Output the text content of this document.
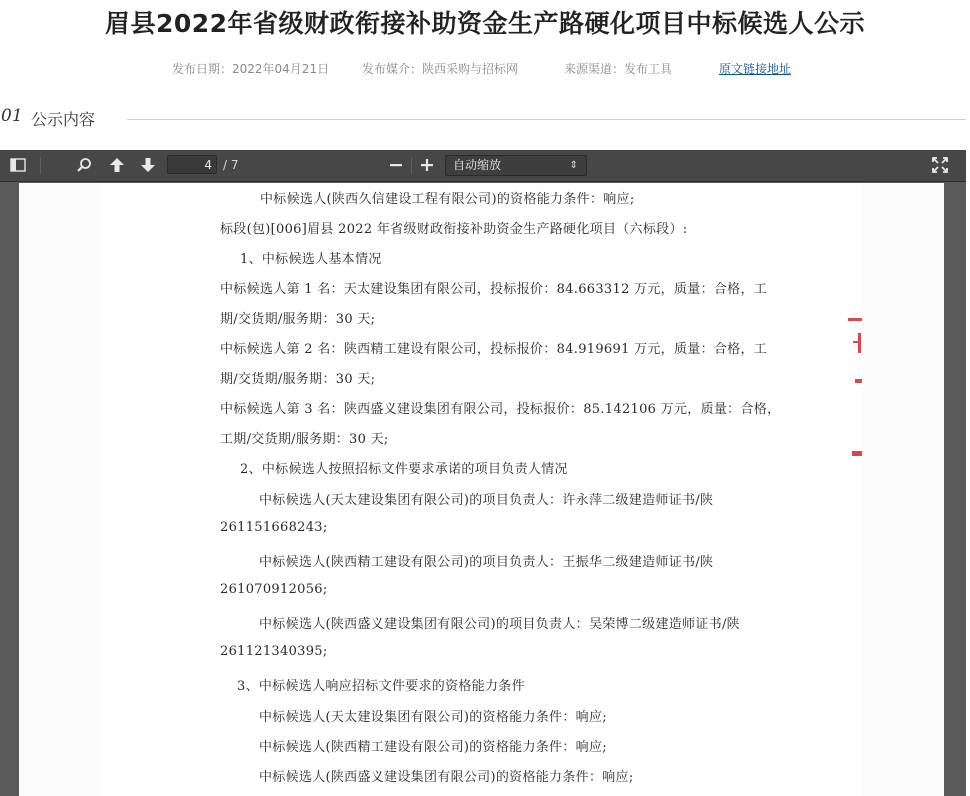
眉县2022年省级财政衔接补助资金生产路硬化项目中标候选人公示
发布日期：2022年04月21日	发布媒介：陕西采购与招标网	来源渠道：发布工具	原文链接地址
01 公示内容
4 / 7	自动缩放	⇕
中标候选人(陕西久信建设工程有限公司)的资格能力条件：响应;
标段(包)[006]眉县 2022 年省级财政衔接补助资金生产路硬化项目（六标段）:
1、中标候选人基本情况
中标候选人第 1 名：天太建设集团有限公司，投标报价：84.663312 万元，质量：合格，工
期/交货期/服务期：30 天;
中标候选人第 2 名：陕西精工建设有限公司，投标报价：84.919691 万元，质量：合格，工
期/交货期/服务期：30 天;
中标候选人第 3 名：陕西盛义建设集团有限公司，投标报价：85.142106 万元，质量：合格，
工期/交货期/服务期：30 天;
2、中标候选人按照招标文件要求承诺的项目负责人情况
中标候选人(天太建设集团有限公司)的项目负责人：许永萍二级建造师证书/陕
261151668243;
中标候选人(陕西精工建设有限公司)的项目负责人：王振华二级建造师证书/陕
261070912056;
中标候选人(陕西盛义建设集团有限公司)的项目负责人：吴荣博二级建造师证书/陕
261121340395;
3、中标候选人响应招标文件要求的资格能力条件
中标候选人(天太建设集团有限公司)的资格能力条件：响应;
中标候选人(陕西精工建设有限公司)的资格能力条件：响应;
中标候选人(陕西盛义建设集团有限公司)的资格能力条件：响应;
